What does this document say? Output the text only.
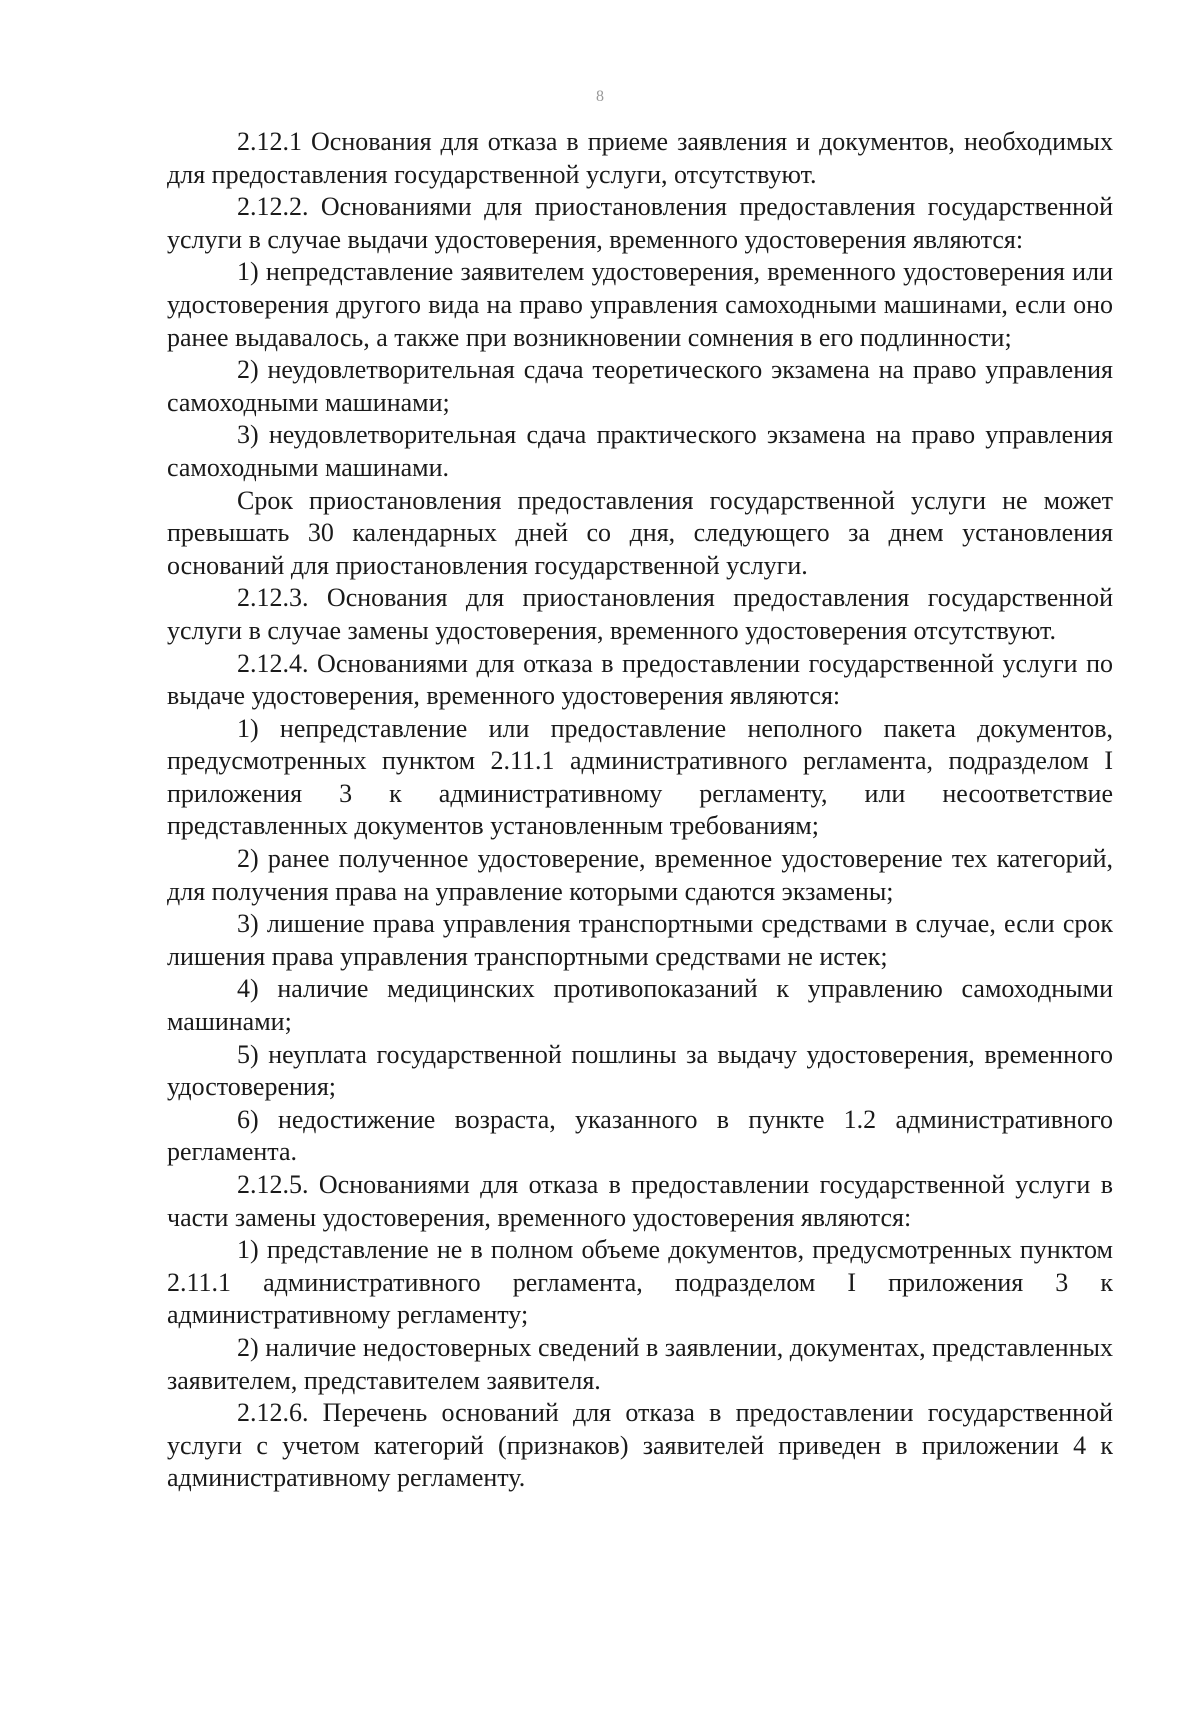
8

2.12.1 Основания для отказа в приеме заявления и документов, необходимых для предоставления государственной услуги, отсутствуют.

2.12.2. Основаниями для приостановления предоставления государственной услуги в случае выдачи удостоверения, временного удостоверения являются:

1) непредставление заявителем удостоверения, временного удостоверения или удостоверения другого вида на право управления самоходными машинами, если оно ранее выдавалось, а также при возникновении сомнения в его подлинности;

2) неудовлетворительная сдача теоретического экзамена на право управления самоходными машинами;

3) неудовлетворительная сдача практического экзамена на право управления самоходными машинами.

Срок приостановления предоставления государственной услуги не может превышать 30 календарных дней со дня, следующего за днем установления оснований для приостановления государственной услуги.

2.12.3. Основания для приостановления предоставления государственной услуги в случае замены удостоверения, временного удостоверения отсутствуют.

2.12.4. Основаниями для отказа в предоставлении государственной услуги по выдаче удостоверения, временного удостоверения являются:

1) непредставление или предоставление неполного пакета документов, предусмотренных пунктом 2.11.1 административного регламента, подразделом I приложения 3 к административному регламенту, или несоответствие представленных документов установленным требованиям;

2) ранее полученное удостоверение, временное удостоверение тех категорий, для получения права на управление которыми сдаются экзамены;

3) лишение права управления транспортными средствами в случае, если срок лишения права управления транспортными средствами не истек;

4) наличие медицинских противопоказаний к управлению самоходными машинами;

5) неуплата государственной пошлины за выдачу удостоверения, временного удостоверения;

6) недостижение возраста, указанного в пункте 1.2 административного регламента.

2.12.5. Основаниями для отказа в предоставлении государственной услуги в части замены удостоверения, временного удостоверения являются:

1) представление не в полном объеме документов, предусмотренных пунктом 2.11.1 административного регламента, подразделом I приложения 3 к административному регламенту;

2) наличие недостоверных сведений в заявлении, документах, представленных заявителем, представителем заявителя.

2.12.6. Перечень оснований для отказа в предоставлении государственной услуги с учетом категорий (признаков) заявителей приведен в приложении 4 к административному регламенту.
